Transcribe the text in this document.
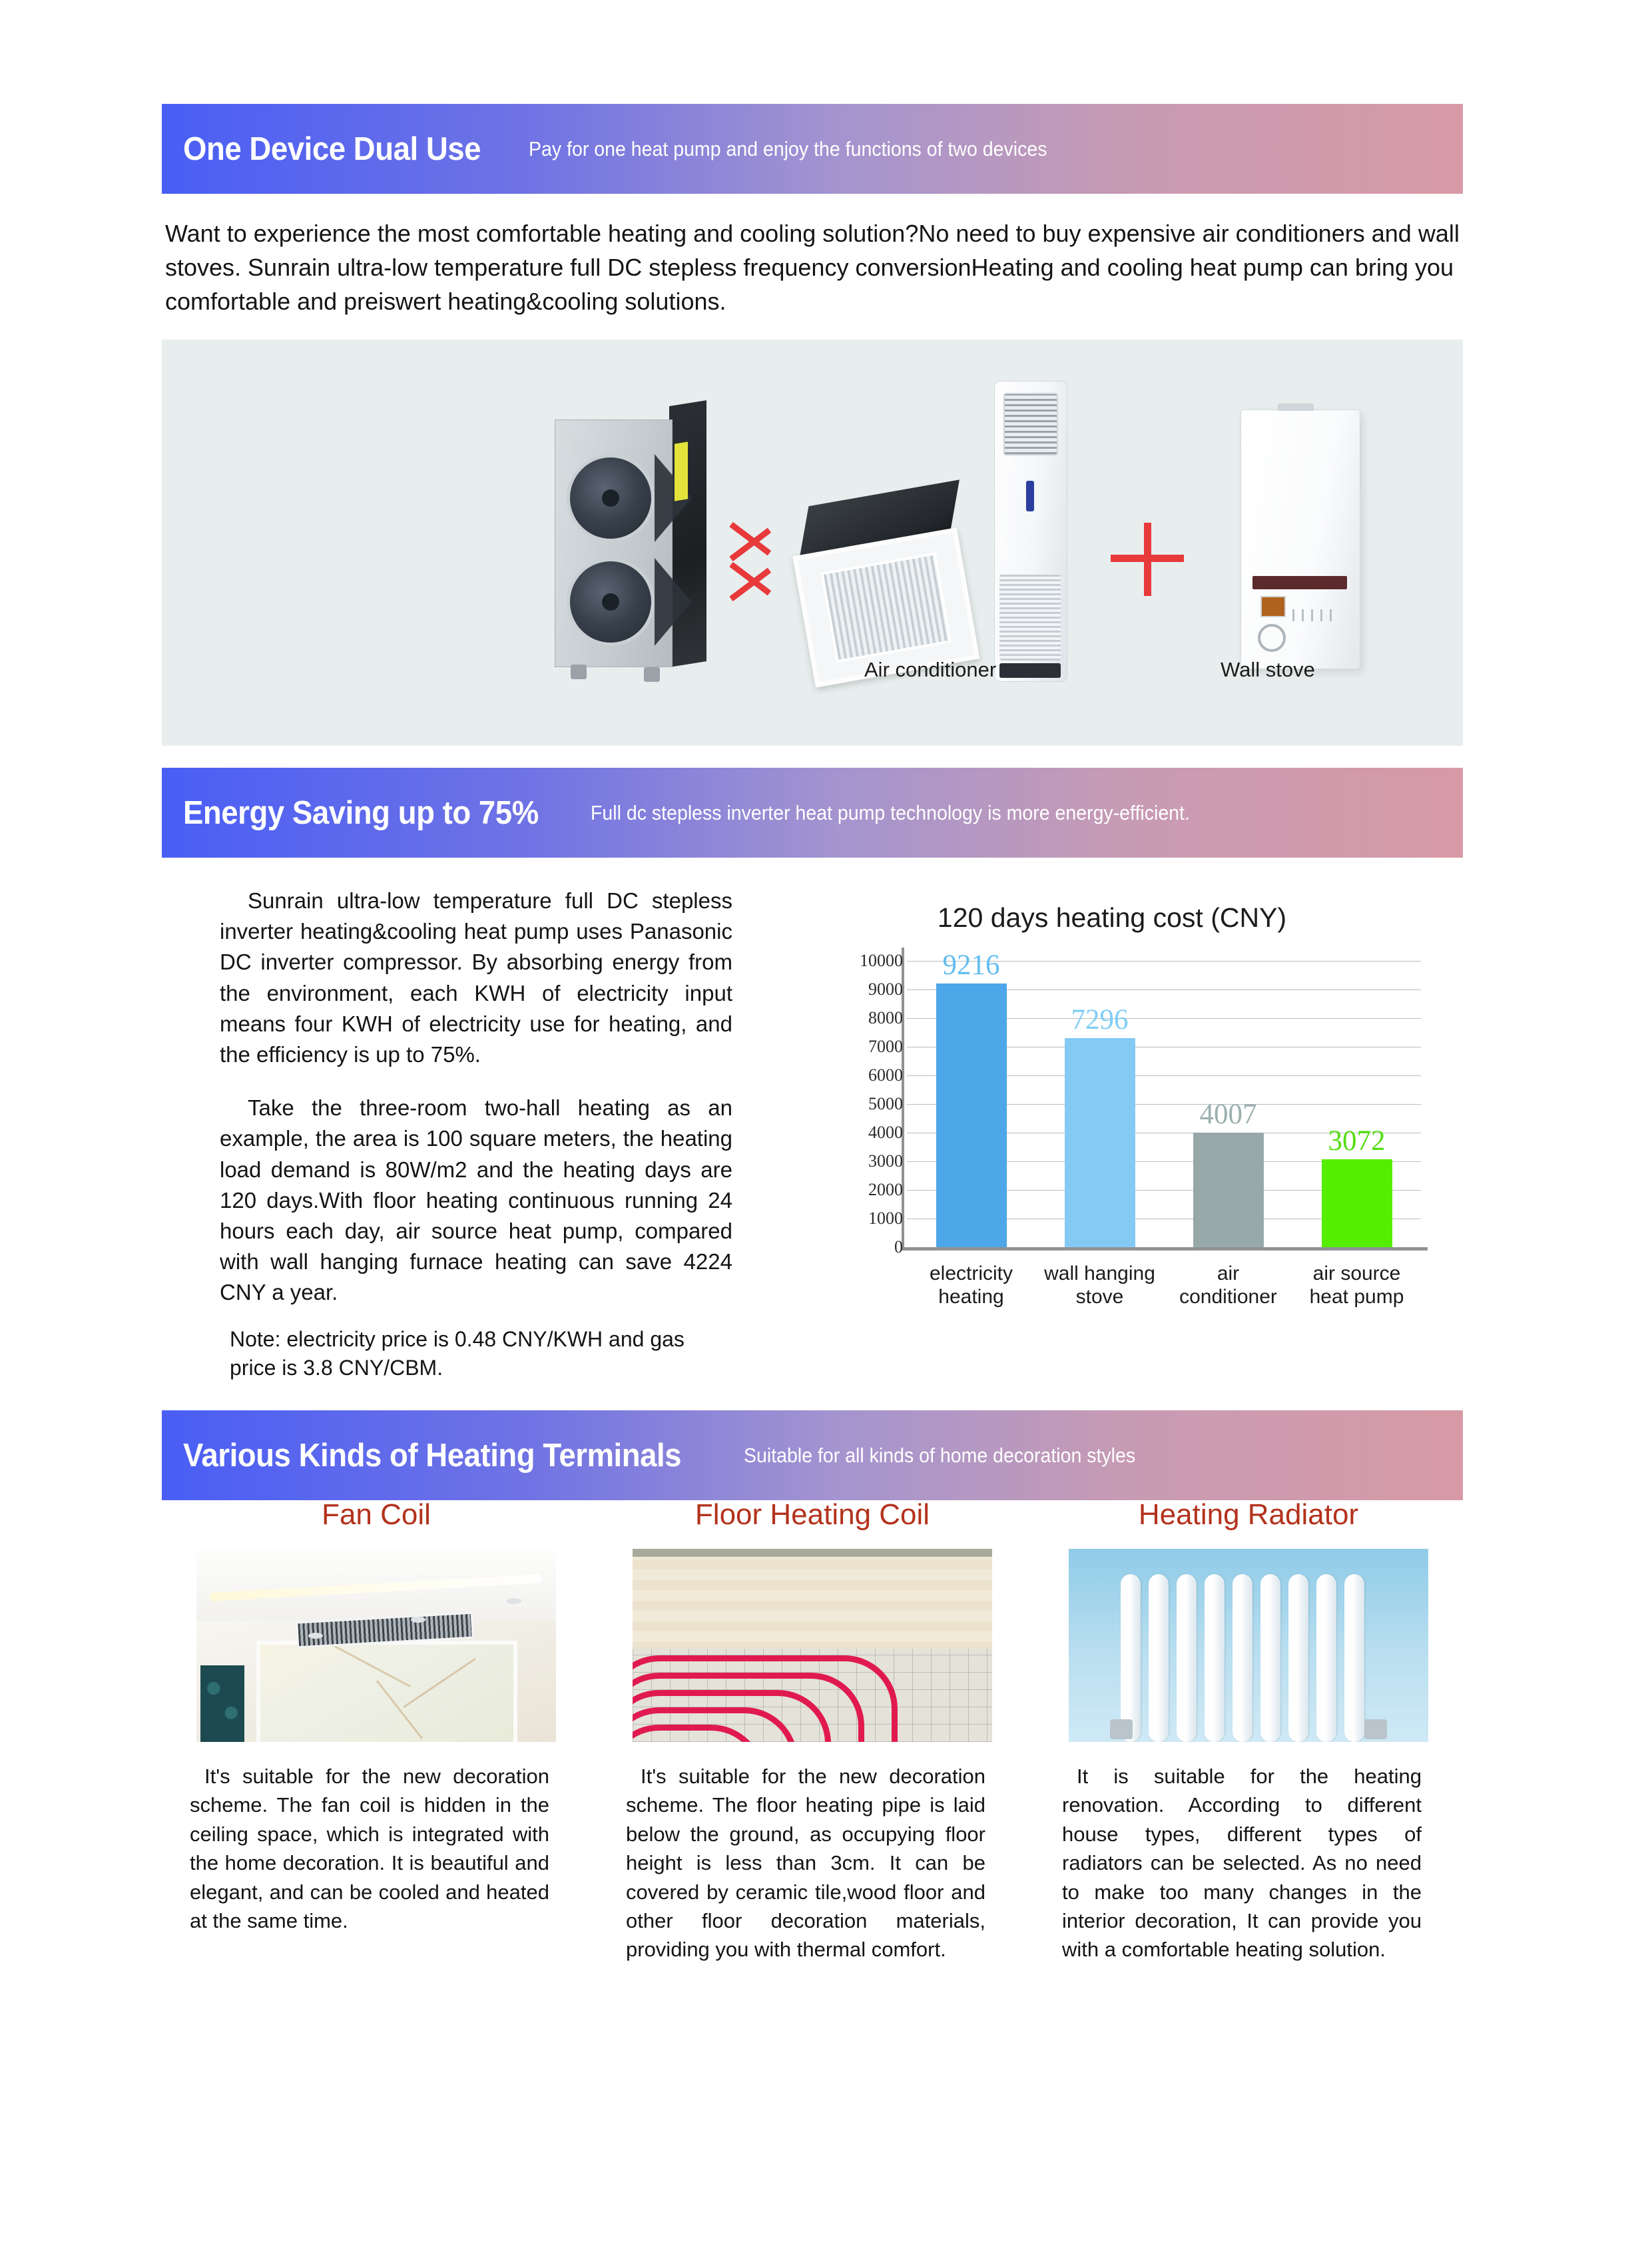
One Device Dual Use Pay for one heat pump and enjoy the functions of two devices
Want to experience the most comfortable heating and cooling solution?No need to buy expensive air conditioners and wall stoves. Sunrain ultra-low temperature full DC stepless frequency conversionHeating and cooling heat pump can bring you comfortable and preiswert heating&cooling solutions.
Air conditioner	Wall stove
Energy Saving up to 75%	Full dc stepless inverter heat pump technology is more energy-efficient.

Sunrain ultra-low temperature full DC stepless inverter heating&cooling heat pump uses Panasonic DC inverter compressor. By absorbing energy from the environment, each KWH of electricity input means four KWH of electricity use for heating, and the efficiency is up to 75%.

Take the three-room two-hall heating as an example, the area is 100 square meters, the heating load demand is 80W/m2 and the heating days are 120 days.With floor heating continuous running 24 hours each day, air source heat pump, compared with wall hanging furnace heating can save 4224 CNY a year.

Note: electricity price is 0.48 CNY/KWH and gas price is 3.8 CNY/CBM.
120 days heating cost (CNY)
10000
9000
8000
7000
6000
5000
4000
3000
2000
1000
0
9216
electricity
heating
7296
wall hanging
stove
4007
air
conditioner
3072
air source
heat pump
Various Kinds of Heating Terminals	Suitable for all kinds of home decoration styles
Fan Coil
It's suitable for the new decoration scheme. The fan coil is hidden in the ceiling space, which is integrated with the home decoration. It is beautiful and elegant, and can be cooled and heated at the same time.
Floor Heating Coil
It's suitable for the new decoration scheme. The floor heating pipe is laid below the ground, as occupying floor height is less than 3cm. It can be covered by ceramic tile,wood floor and other floor decoration materials, providing you with thermal comfort.
Heating Radiator
It is suitable for the heating renovation. According to different house types, different types of radiators can be selected. As no need to make too many changes in the interior decoration, It can provide you with a comfortable heating solution.
